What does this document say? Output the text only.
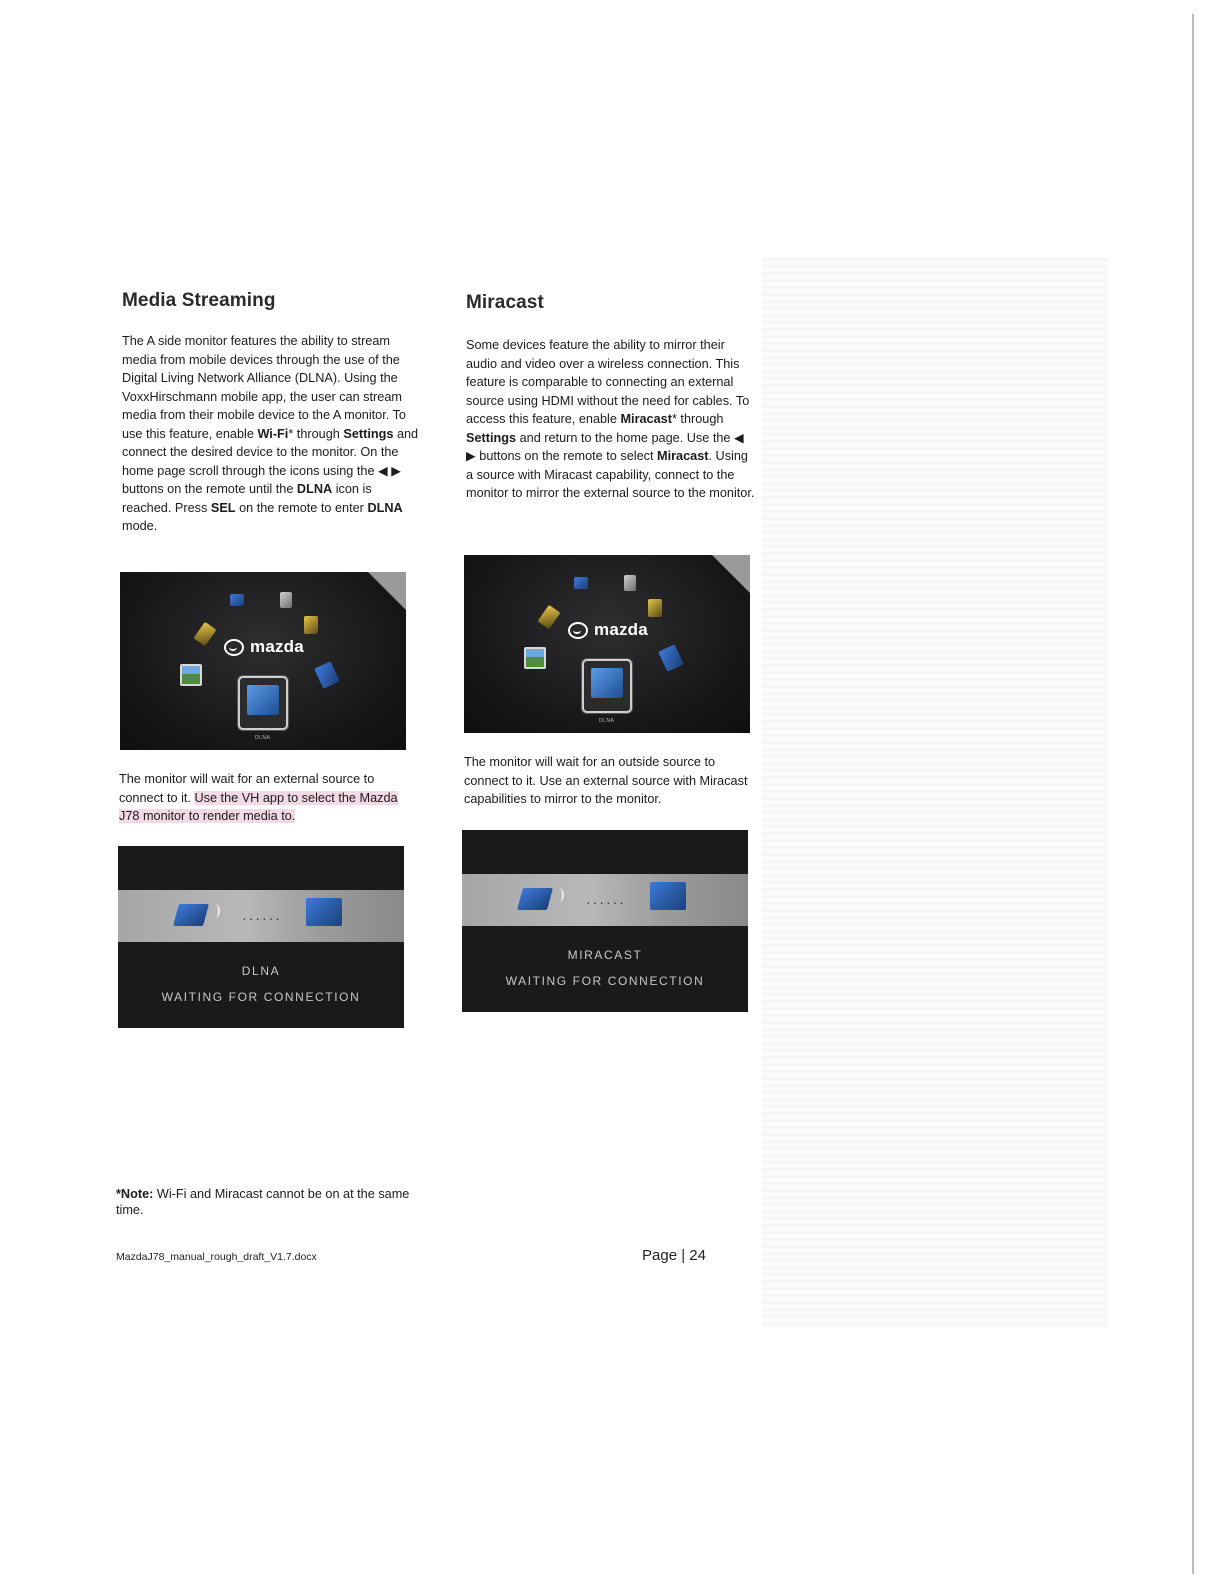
Media Streaming

The A side monitor features the ability to stream media from mobile devices through the use of the Digital Living Network Alliance (DLNA). Using the VoxxHirschmann mobile app, the user can stream media from their mobile device to the A monitor. To use this feature, enable Wi-Fi* through Settings and connect the desired device to the monitor. On the home page scroll through the icons using the ◀ ▶ buttons on the remote until the DLNA icon is reached. Press SEL on the remote to enter DLNA mode.

mazda
DLNA

The monitor will wait for an external source to connect to it. Use the VH app to select the Mazda J78 monitor to render media to.

······
DLNA
WAITING FOR CONNECTION
Miracast

Some devices feature the ability to mirror their audio and video over a wireless connection. This feature is comparable to connecting an external source using HDMI without the need for cables. To access this feature, enable Miracast* through Settings and return to the home page. Use the ◀ ▶ buttons on the remote to select Miracast. Using a source with Miracast capability, connect to the monitor to mirror the external source to the monitor.

mazda
DLNA

The monitor will wait for an outside source to connect to it. Use an external source with Miracast capabilities to mirror to the monitor.

······
MIRACAST
WAITING FOR CONNECTION
*Note: Wi-Fi and Miracast cannot be on at the same time.
MazdaJ78_manual_rough_draft_V1.7.docx	Page | 24
